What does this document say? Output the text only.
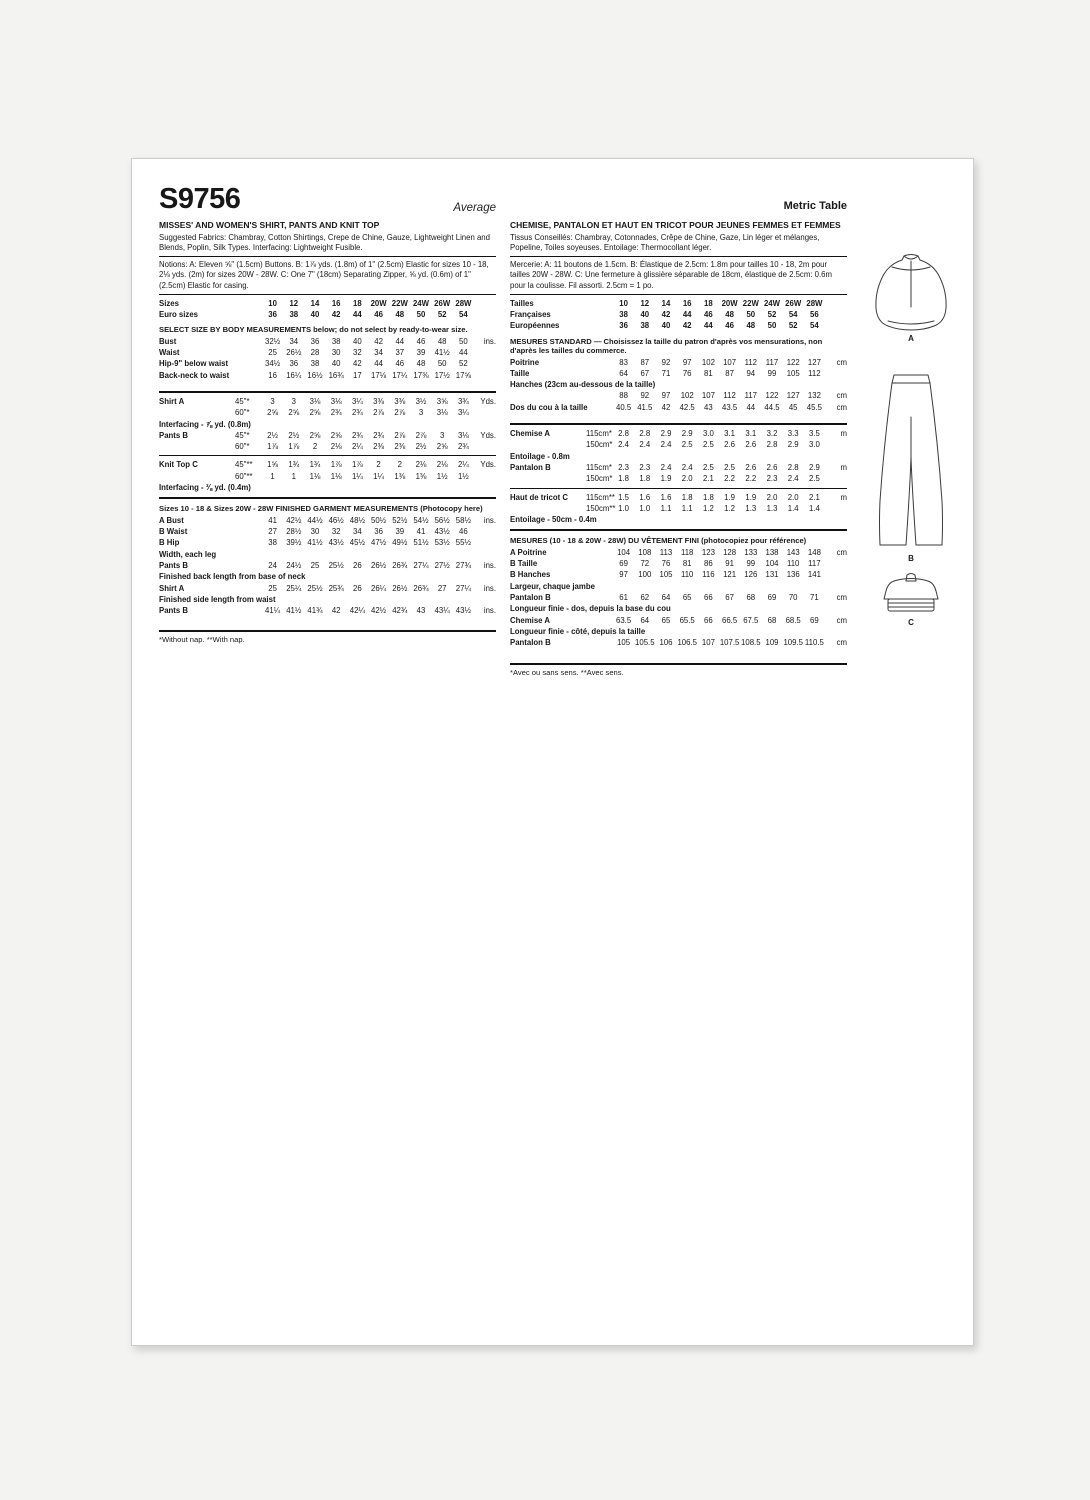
S9756	Average	Metric Table
MISSES' AND WOMEN'S SHIRT, PANTS AND KNIT TOP
Suggested Fabrics: Chambray, Cotton Shirtings, Crepe de Chine, Gauze, Lightweight Linen and Blends, Poplin, Silk Types. Interfacing: Lightweight Fusible.
Notions: A: Eleven ⅝" (1.5cm) Buttons. B: 1⅞ yds. (1.8m) of 1" (2.5cm) Elastic for sizes 10 - 18, 2⅛ yds. (2m) for sizes 20W - 28W. C: One 7" (18cm) Separating Zipper, ⅝ yd. (0.6m) of 1" (2.5cm) Elastic for casing.
Sizes	10	12	14	16	18	20W 22W 24W 26W 28W
Euro sizes	36	38	40	42	44	46	48	50	52	54
SELECT SIZE BY BODY MEASUREMENTS below; do not select by ready-to-wear size.
Bust	32½	34	36	38	40	42	44	46	48	50	ins.
Waist	25	26½	28	30	32	34	37	39	41½	44
Hip-9" below waist	34½	36	38	40	42	44	46	48	50	52
Back-neck to waist	16	16¼ 16½ 16¾	17	17⅛ 17¼ 17⅜ 17½ 17⅝
Shirt A	45"*	3	3	3⅛	3⅛	3¼	3⅜	3⅜	3½	3⅝	3¾	Yds.
60"*	2⅝	2⅝	2⅝	2¾	2¾	2⅞	2⅞	3	3⅛	3¼
Interfacing - ⅞ yd. (0.8m)
Pants B	45"*	2½	2½	2⅝	2⅝	2¾	2¾	2⅞	2⅞	3	3⅛	Yds.
60"*	1⅞	1⅞	2	2⅛	2¼	2⅜	2⅜	2½	2⅝	2¾
Knit Top C	45"**	1⅝	1¾	1¾	1⅞	1⅞	2	2	2⅛	2⅛	2¼	Yds.
60"**	1	1	1⅛	1⅛	1¼	1¼	1⅜	1⅜	1½	1½
Interfacing - ⅜ yd. (0.4m)
Sizes 10 - 18 & Sizes 20W - 28W FINISHED GARMENT MEASUREMENTS (Photocopy here)
A Bust	41	42½ 44½ 46½ 48½ 50½ 52½ 54½ 56½ 58½	ins.
B Waist	27	28½	30	32	34	36	39	41	43½	46
B Hip	38	39½ 41½ 43½ 45½ 47½ 49½ 51½ 53½ 55½
Width, each leg
Pants B	24	24½	25	25½	26	26½ 26¾ 27¼ 27½ 27¾	ins.
Finished back length from base of neck
Shirt A	25	25¼ 25½ 25¾	26	26¼ 26½ 26¾	27	27¼	ins.
Finished side length from waist
Pants B	41¼ 41½ 41¾	42	42¼ 42½ 42¾	43	43¼ 43½	ins.
*Without nap. **With nap.
CHEMISE, PANTALON ET HAUT EN TRICOT POUR JEUNES FEMMES ET FEMMES
Tissus Conseillés: Chambray, Cotonnades, Crêpe de Chine, Gaze, Lin léger et mélanges, Popeline, Toiles soyeuses. Entoilage: Thermocollant léger.
Mercerie: A: 11 boutons de 1.5cm. B: Élastique de 2.5cm: 1.8m pour tailles 10 - 18, 2m pour tailles 20W - 28W. C: Une fermeture à glissière séparable de 18cm, élastique de 2.5cm: 0.6m pour la coulisse. Fil assorti. 2.5cm = 1 po.
Tailles	10	12	14	16	18	20W 22W 24W 26W 28W
Françaises	38	40	42	44	46	48	50	52	54	56
Européennes	36	38	40	42	44	46	48	50	52	54
MESURES STANDARD — Choisissez la taille du patron d'après vos mensurations, non d'après les tailles du commerce.
Poitrine	83	87	92	97	102	107	112	117	122	127	cm
Taille	64	67	71	76	81	87	94	99	105	112
Hanches (23cm au-dessous de la taille)
88	92	97	102	107	112	117	122	127	132	cm
Dos du cou à la taille	40.5 41.5	42	42.5	43	43.5	44	44.5	45	45.5	cm
Chemise A	115cm* 2.8	2.8	2.9	2.9	3.0	3.1	3.1	3.2	3.3	3.5	m
150cm* 2.4	2.4	2.4	2.5	2.5	2.6	2.6	2.8	2.9	3.0
Entoilage - 0.8m
Pantalon B	115cm* 2.3	2.3	2.4	2.4	2.5	2.5	2.6	2.6	2.8	2.9	m
150cm* 1.8	1.8	1.9	2.0	2.1	2.2	2.2	2.3	2.4	2.5
Haut de tricot C	115cm** 1.5	1.6	1.6	1.8	1.8	1.9	1.9	2.0	2.0	2.1	m
150cm** 1.0	1.0	1.1	1.1	1.2	1.2	1.3	1.3	1.4	1.4
Entoilage - 50cm - 0.4m
MESURES (10 - 18 & 20W - 28W) DU VÊTEMENT FINI (photocopiez pour référence)
A Poitrine	104	108	113	118	123	128	133	138	143	148	cm
B Taille	69	72	76	81	86	91	99	104	110	117
B Hanches	97	100	105	110	116	121	126	131	136	141
Largeur, chaque jambe
Pantalon B	61	62	64	65	66	67	68	69	70	71	cm
Longueur finie - dos, depuis la base du cou
Chemise A	63.5	64	65	65.5	66	66.5 67.5	68	68.5	69	cm
Longueur finie - côté, depuis la taille
Pantalon B	105 105.5 106 106.5 107 107.5 108.5 109 109.5 110.5	cm
*Avec ou sans sens. **Avec sens.
A
B
C
